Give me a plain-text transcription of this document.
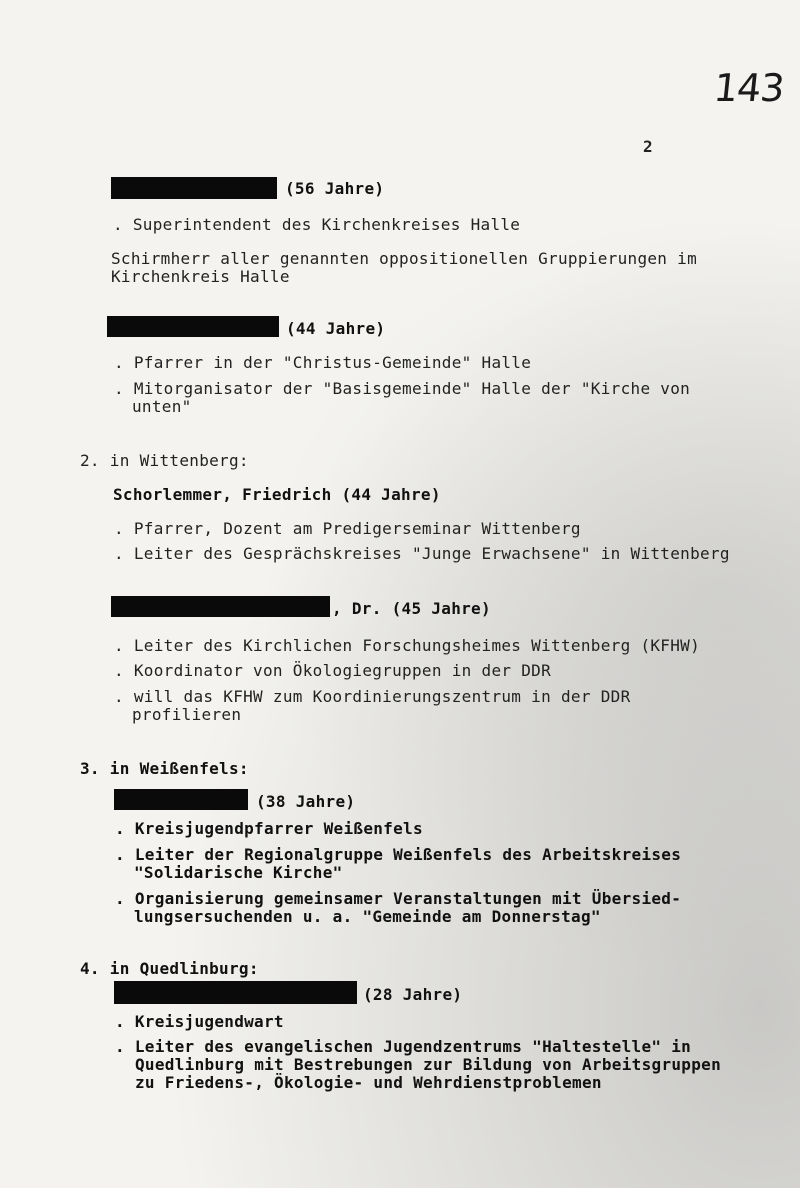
143
2
(56 Jahre)
. Superintendent des Kirchenkreises Halle
Schirmherr aller genannten oppositionellen Gruppierungen im
Kirchenkreis Halle
(44 Jahre)
. Pfarrer in der "Christus-Gemeinde" Halle
. Mitorganisator der "Basisgemeinde" Halle der "Kirche von
unten"
2. in Wittenberg:
Schorlemmer, Friedrich (44 Jahre)
. Pfarrer, Dozent am Predigerseminar Wittenberg
. Leiter des Gesprächskreises "Junge Erwachsene" in Wittenberg
, Dr. (45 Jahre)
. Leiter des Kirchlichen Forschungsheimes Wittenberg (KFHW)
. Koordinator von Ökologiegruppen in der DDR
. will das KFHW zum Koordinierungszentrum in der DDR
profilieren
3. in Weißenfels:
(38 Jahre)
. Kreisjugendpfarrer Weißenfels
. Leiter der Regionalgruppe Weißenfels des Arbeitskreises
"Solidarische Kirche"
. Organisierung gemeinsamer Veranstaltungen mit Übersied-
lungsersuchenden u. a. "Gemeinde am Donnerstag"
4. in Quedlinburg:
(28 Jahre)
. Kreisjugendwart
. Leiter des evangelischen Jugendzentrums "Haltestelle" in
Quedlinburg mit Bestrebungen zur Bildung von Arbeitsgruppen
zu Friedens-, Ökologie- und Wehrdienstproblemen
